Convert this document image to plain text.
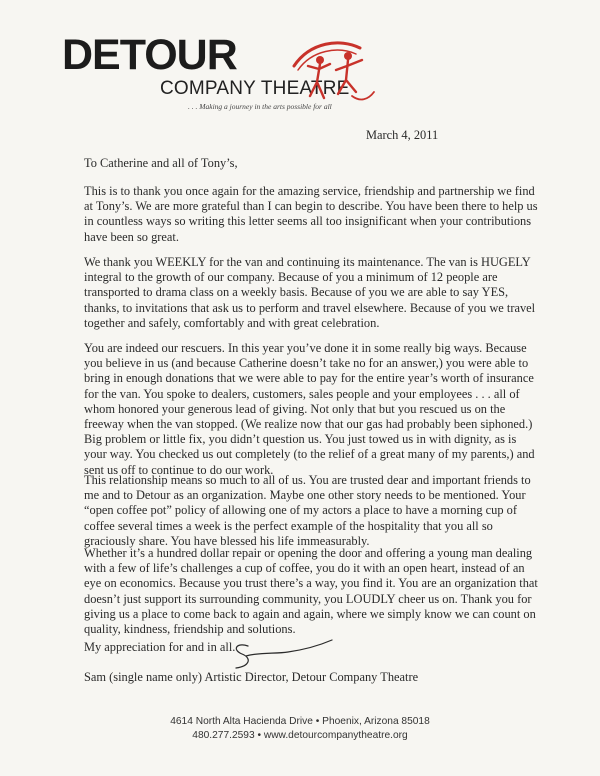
DETOUR
COMPANY THEATRE
. . . Making a journey in the arts possible for all
March 4, 2011
To Catherine and all of Tony’s,

This is to thank you once again for the amazing service, friendship and partnership we find at Tony’s. We are more grateful than I can begin to describe. You have been there to help us in countless ways so writing this letter seems all too insignificant when your contributions have been so great.

We thank you WEEKLY for the van and continuing its maintenance. The van is HUGELY integral to the growth of our company. Because of you a minimum of 12 people are transported to drama class on a weekly basis. Because of you we are able to say YES, thanks, to invitations that ask us to perform and travel elsewhere. Because of you we travel together and safely, comfortably and with great celebration.

You are indeed our rescuers. In this year you’ve done it in some really big ways. Because you believe in us (and because Catherine doesn’t take no for an answer,) you were able to bring in enough donations that we were able to pay for the entire year’s worth of insurance for the van. You spoke to dealers, customers, sales people and your employees . . . all of whom honored your generous lead of giving. Not only that but you rescued us on the freeway when the van stopped. (We realize now that our gas had probably been siphoned.) Big problem or little fix, you didn’t question us. You just towed us in with dignity, as is your way. You checked us out completely (to the relief of a great many of my parents,) and sent us off to continue to do our work.

This relationship means so much to all of us. You are trusted dear and important friends to me and to Detour as an organization. Maybe one other story needs to be mentioned. Your “open coffee pot” policy of allowing one of my actors a place to have a morning cup of coffee several times a week is the perfect example of the hospitality that you all so graciously share. You have blessed his life immeasurably.

Whether it’s a hundred dollar repair or opening the door and offering a young man dealing with a few of life’s challenges a cup of coffee, you do it with an open heart, instead of an eye on economics. Because you trust there’s a way, you find it. You are an organization that doesn’t just support its surrounding community, you LOUDLY cheer us on. Thank you for giving us a place to come back to again and again, where we simply know we can count on quality, kindness, friendship and solutions.

My appreciation for and in all.
Sam (single name only) Artistic Director, Detour Company Theatre
4614 North Alta Hacienda Drive • Phoenix, Arizona 85018
480.277.2593 • www.detourcompanytheatre.org
